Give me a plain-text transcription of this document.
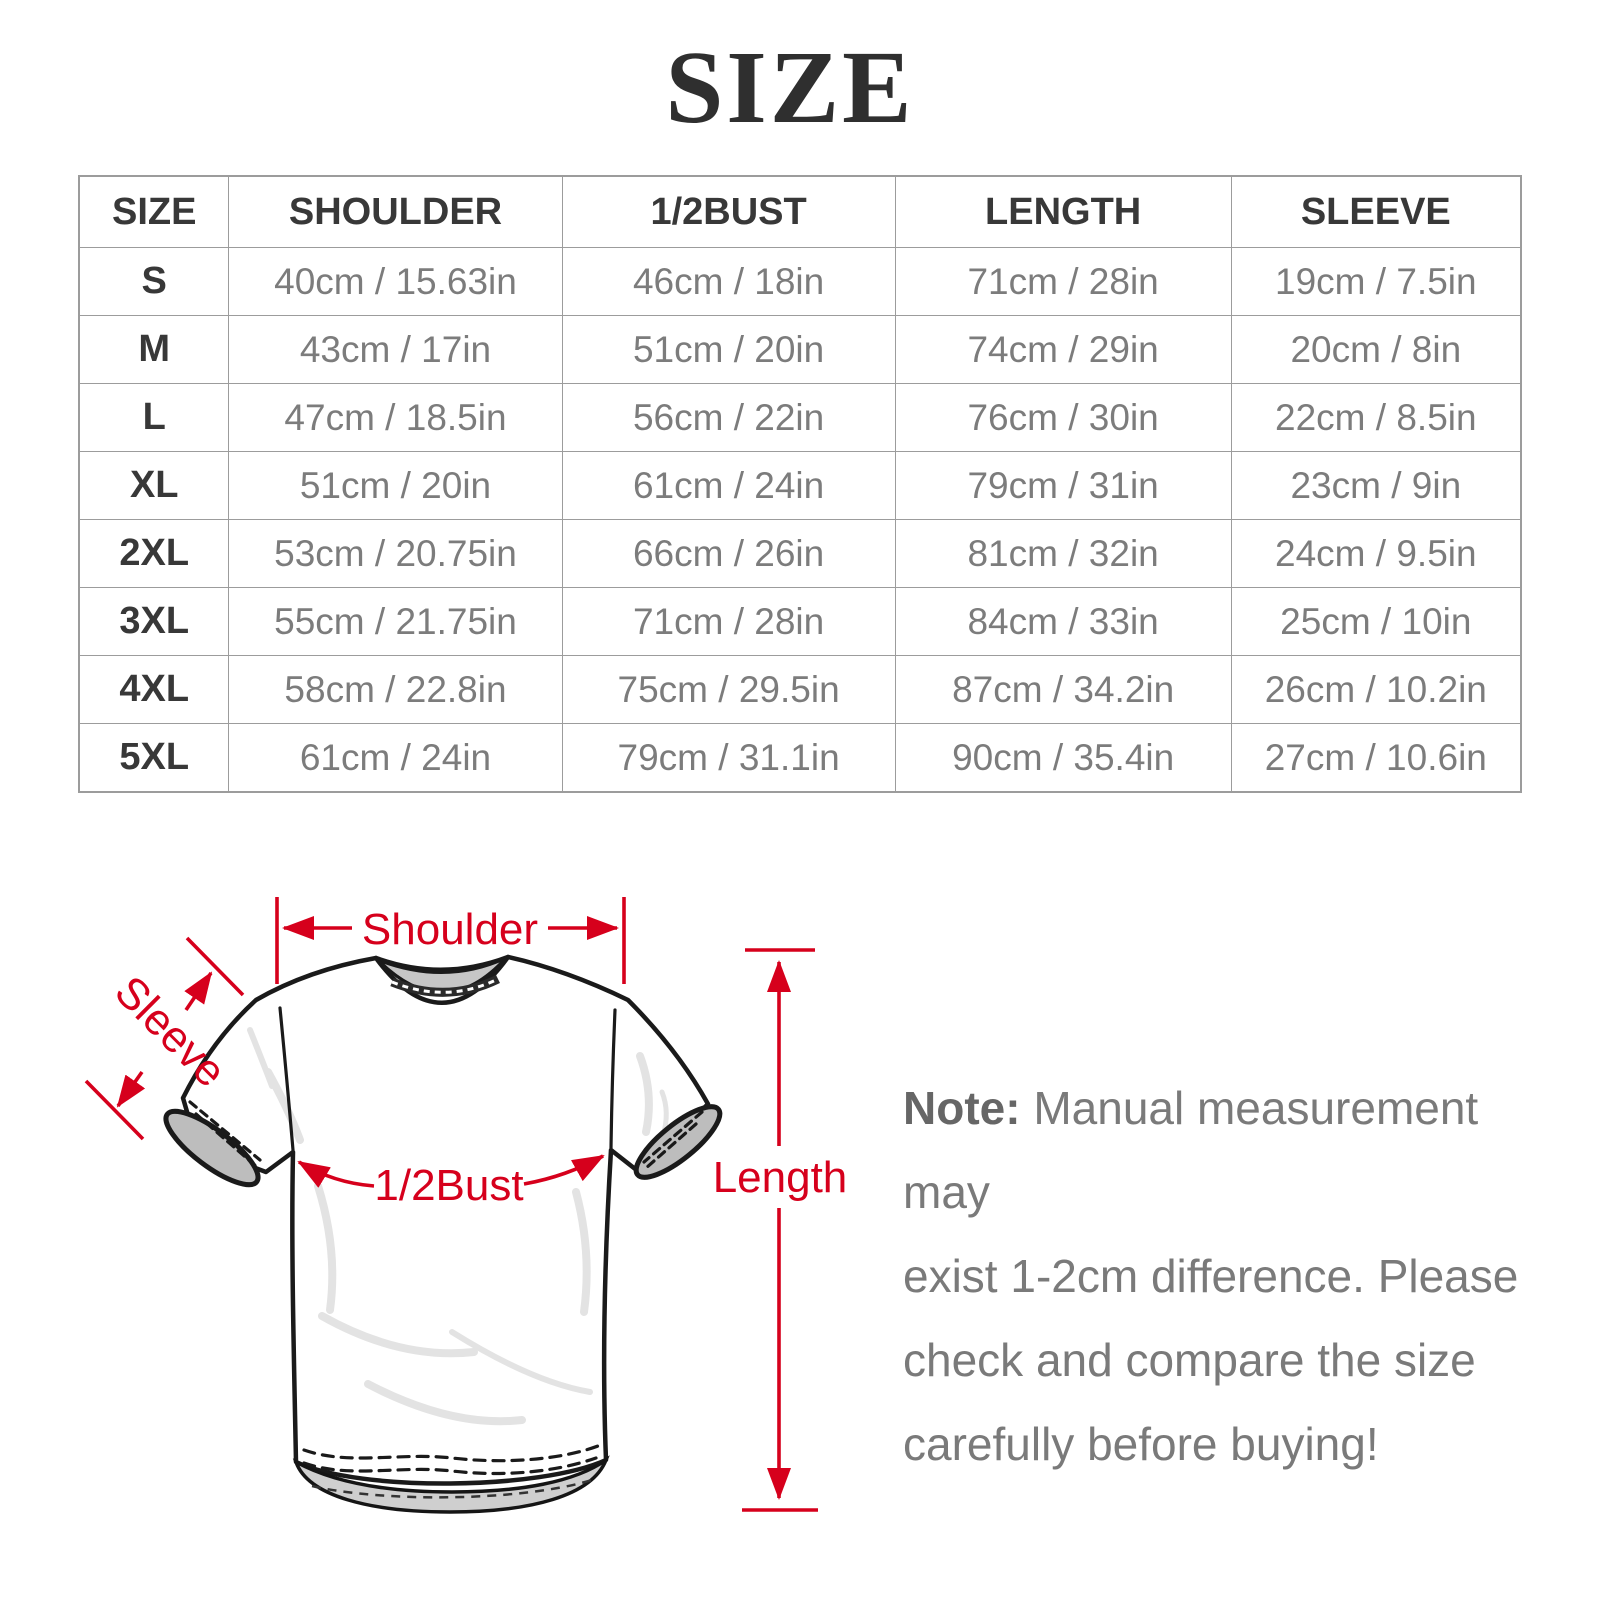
SIZE
SIZE	SHOULDER	1/2BUST	LENGTH	SLEEVE
S	40cm / 15.63in	46cm / 18in	71cm / 28in	19cm / 7.5in
M	43cm / 17in	51cm / 20in	74cm / 29in	20cm / 8in
L	47cm / 18.5in	56cm / 22in	76cm / 30in	22cm / 8.5in
XL	51cm / 20in	61cm / 24in	79cm / 31in	23cm / 9in
2XL	53cm / 20.75in	66cm / 26in	81cm / 32in	24cm / 9.5in
3XL	55cm / 21.75in	71cm / 28in	84cm / 33in	25cm / 10in
4XL	58cm / 22.8in	75cm / 29.5in	87cm / 34.2in	26cm / 10.2in
5XL	61cm / 24in	79cm / 31.1in	90cm / 35.4in	27cm / 10.6in
Shoulder
Sleeve
1/2Bust	Length
Note: Manual measurement may
exist 1-2cm difference. Please
check and compare the size
carefully before buying!
